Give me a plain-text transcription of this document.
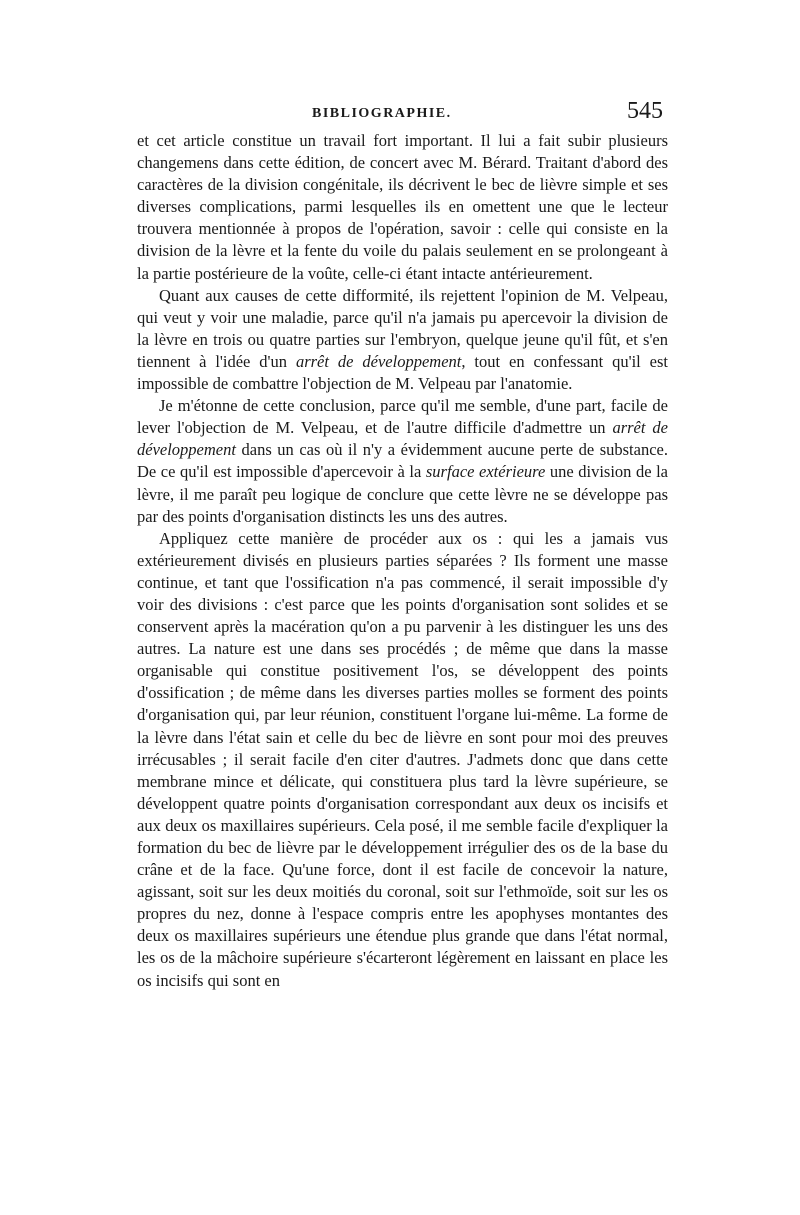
BIBLIOGRAPHIE.	545

et cet article constitue un travail fort important. Il lui a fait subir plusieurs changemens dans cette édition, de concert avec M. Bérard. Traitant d'abord des caractères de la division congénitale, ils décrivent le bec de lièvre simple et ses diverses complications, parmi lesquelles ils en omettent une que le lecteur trouvera mentionnée à propos de l'opération, savoir : celle qui consiste en la division de la lèvre et la fente du voile du palais seulement en se prolongeant à la partie postérieure de la voûte, celle-ci étant intacte antérieurement.

Quant aux causes de cette difformité, ils rejettent l'opinion de M. Velpeau, qui veut y voir une maladie, parce qu'il n'a jamais pu apercevoir la division de la lèvre en trois ou quatre parties sur l'embryon, quelque jeune qu'il fût, et s'en tiennent à l'idée d'un arrêt de développement, tout en confessant qu'il est impossible de combattre l'objection de M. Velpeau par l'anatomie.

Je m'étonne de cette conclusion, parce qu'il me semble, d'une part, facile de lever l'objection de M. Velpeau, et de l'autre difficile d'admettre un arrêt de développement dans un cas où il n'y a évidemment aucune perte de substance. De ce qu'il est impossible d'apercevoir à la surface extérieure une division de la lèvre, il me paraît peu logique de conclure que cette lèvre ne se développe pas par des points d'organisation distincts les uns des autres.

Appliquez cette manière de procéder aux os : qui les a jamais vus extérieurement divisés en plusieurs parties séparées ? Ils forment une masse continue, et tant que l'ossification n'a pas commencé, il serait impossible d'y voir des divisions : c'est parce que les points d'organisation sont solides et se conservent après la macération qu'on a pu parvenir à les distinguer les uns des autres. La nature est une dans ses procédés ; de même que dans la masse organisable qui constitue positivement l'os, se développent des points d'ossification ; de même dans les diverses parties molles se forment des points d'organisation qui, par leur réunion, constituent l'organe lui-même. La forme de la lèvre dans l'état sain et celle du bec de lièvre en sont pour moi des preuves irrécusables ; il serait facile d'en citer d'autres. J'admets donc que dans cette membrane mince et délicate, qui constituera plus tard la lèvre supérieure, se développent quatre points d'organisation correspondant aux deux os incisifs et aux deux os maxillaires supérieurs. Cela posé, il me semble facile d'expliquer la formation du bec de lièvre par le développement irrégulier des os de la base du crâne et de la face. Qu'une force, dont il est facile de concevoir la nature, agissant, soit sur les deux moitiés du coronal, soit sur l'ethmoïde, soit sur les os propres du nez, donne à l'espace compris entre les apophyses montantes des deux os maxillaires supérieurs une étendue plus grande que dans l'état normal, les os de la mâchoire supérieure s'écarteront légèrement en laissant en place les os incisifs qui sont en
